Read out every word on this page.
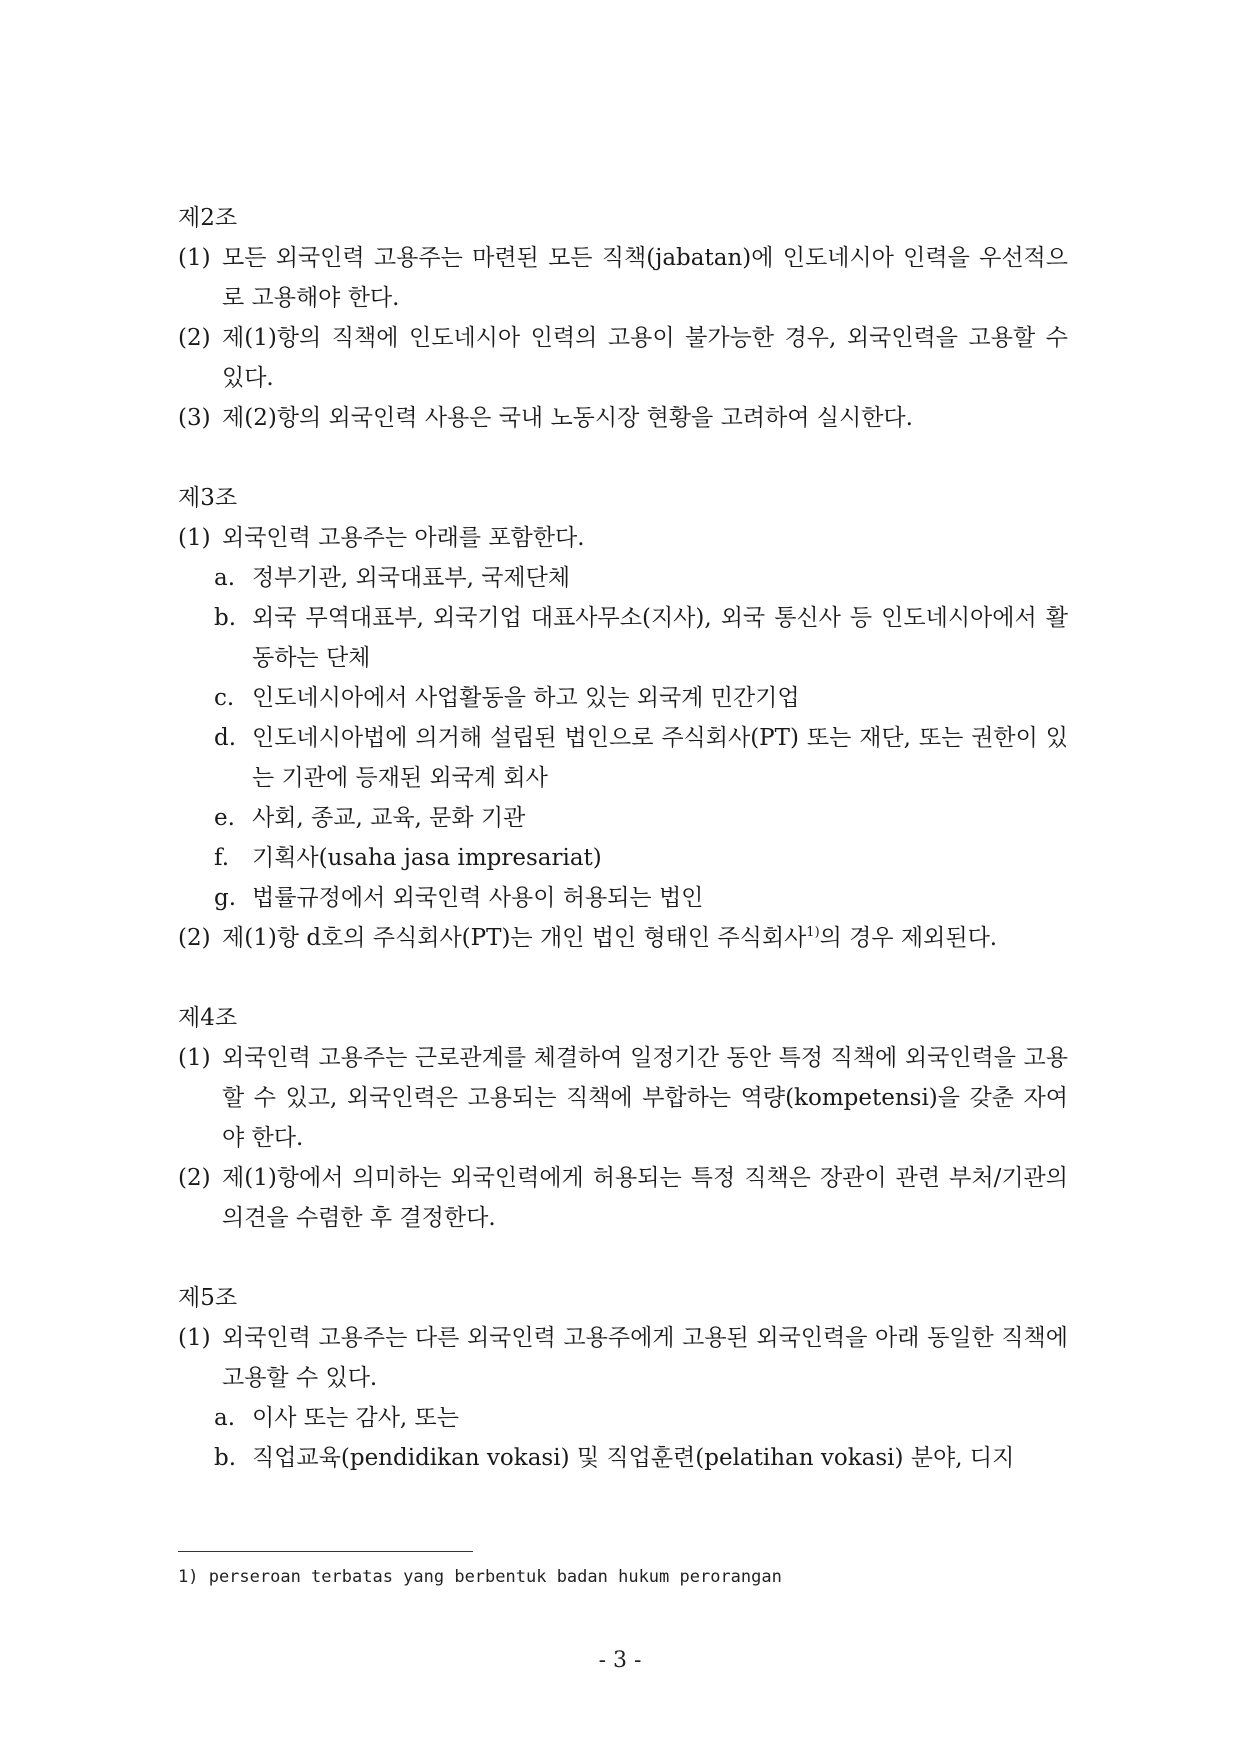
제2조
(1) 모든 외국인력 고용주는 마련된 모든 직책(jabatan)에 인도네시아 인력을 우선적으로 고용해야 한다.
(2) 제(1)항의 직책에 인도네시아 인력의 고용이 불가능한 경우, 외국인력을 고용할 수 있다.
(3) 제(2)항의 외국인력 사용은 국내 노동시장 현황을 고려하여 실시한다.
제3조
(1) 외국인력 고용주는 아래를 포함한다.
a. 정부기관, 외국대표부, 국제단체
b. 외국 무역대표부, 외국기업 대표사무소(지사), 외국 통신사 등 인도네시아에서 활동하는 단체
c. 인도네시아에서 사업활동을 하고 있는 외국계 민간기업
d. 인도네시아법에 의거해 설립된 법인으로 주식회사(PT) 또는 재단, 또는 권한이 있는 기관에 등재된 외국계 회사
e. 사회, 종교, 교육, 문화 기관
f. 기획사(usaha jasa impresariat)
g. 법률규정에서 외국인력 사용이 허용되는 법인
(2) 제(1)항 d호의 주식회사(PT)는 개인 법인 형태인 주식회사$^{1)}$의 경우 제외된다.
제4조
(1) 외국인력 고용주는 근로관계를 체결하여 일정기간 동안 특정 직책에 외국인력을 고용할 수 있고, 외국인력은 고용되는 직책에 부합하는 역량(kompetensi)을 갖춘 자여야 한다.
(2) 제(1)항에서 의미하는 외국인력에게 허용되는 특정 직책은 장관이 관련 부처/기관의 의견을 수렴한 후 결정한다.
제5조
(1) 외국인력 고용주는 다른 외국인력 고용주에게 고용된 외국인력을 아래 동일한 직책에 고용할 수 있다.
a. 이사 또는 감사, 또는
b. 직업교육(pendidikan vokasi) 및 직업훈련(pelatihan vokasi) 분야, 디지
1) perseroan terbatas yang berbentuk badan hukum perorangan
- 3 -
